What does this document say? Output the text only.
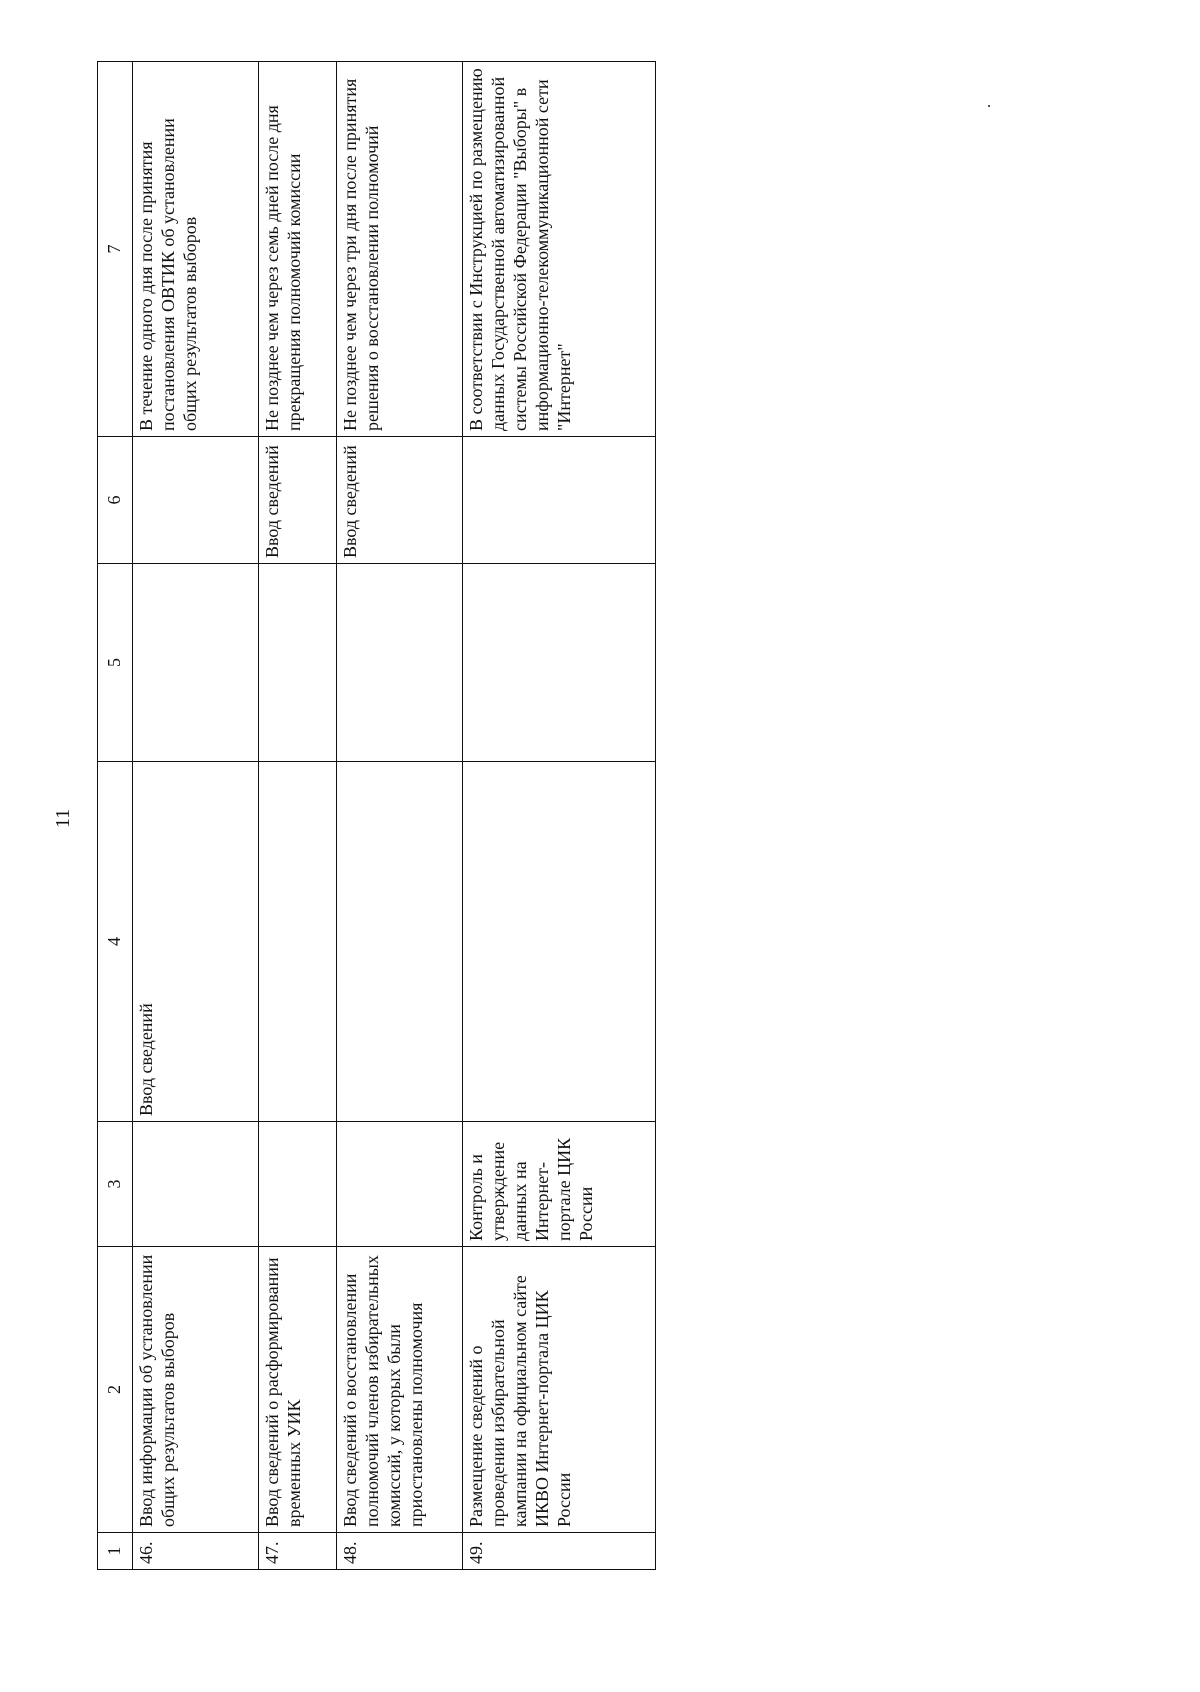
11
1	2	3	4	5	6	7
46.	Ввод информации об установлении общих результатов выборов		Ввод сведений			В течение одного дня после принятия постановления ОВТИК об установлении общих результатов выборов
47.	Ввод сведений о расформировании временных УИК				Ввод сведений	Не позднее чем через семь дней после дня прекращения полномочий комиссии
48.	Ввод сведений о восстановлении полномочий членов избирательных комиссий, у которых были приостановлены полномочия				Ввод сведений	Не позднее чем через три дня после принятия решения о восстановлении полномочий
49.	Размещение сведений о проведении избирательной кампании на официальном сайте ИКВО Интернет-портала ЦИК России	Контроль и утверждение данных на Интернет-портале ЦИК России				В соответствии с Инструкцией по размещению данных Государственной автоматизированной системы Российской Федерации "Выборы" в информационно-телекоммуникационной сети "Интернет"
